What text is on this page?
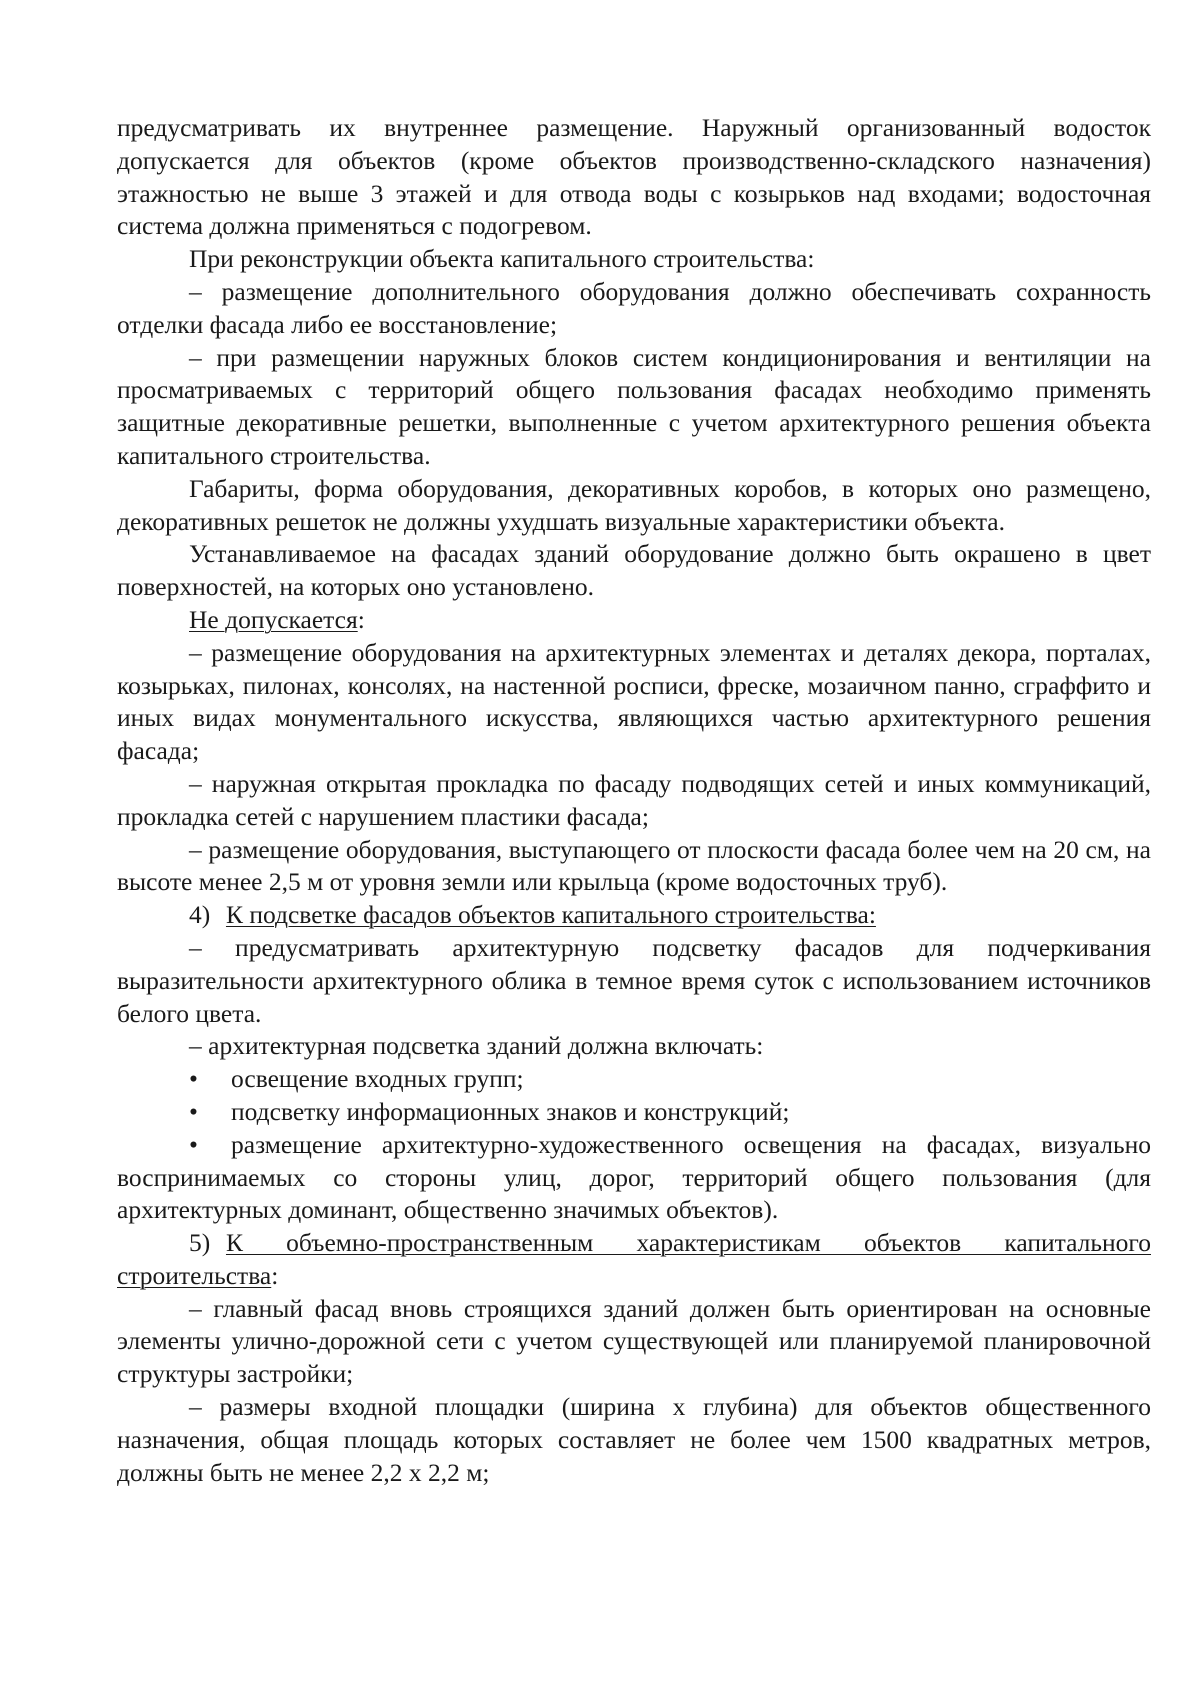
предусматривать их внутреннее размещение. Наружный организованный водосток допускается для объектов (кроме объектов производственно-складского назначения) этажностью не выше 3 этажей и для отвода воды с козырьков над входами; водосточная система должна применяться с подогревом.

При реконструкции объекта капитального строительства:

– размещение дополнительного оборудования должно обеспечивать сохранность отделки фасада либо ее восстановление;

– при размещении наружных блоков систем кондиционирования и вентиляции на просматриваемых с территорий общего пользования фасадах необходимо применять защитные декоративные решетки, выполненные с учетом архитектурного решения объекта капитального строительства.

Габариты, форма оборудования, декоративных коробов, в которых оно размещено, декоративных решеток не должны ухудшать визуальные характеристики объекта.

Устанавливаемое на фасадах зданий оборудование должно быть окрашено в цвет поверхностей, на которых оно установлено.

Не допускается:

– размещение оборудования на архитектурных элементах и деталях декора, порталах, козырьках, пилонах, консолях, на настенной росписи, фреске, мозаичном панно, сграффито и иных видах монументального искусства, являющихся частью архитектурного решения фасада;

– наружная открытая прокладка по фасаду подводящих сетей и иных коммуникаций, прокладка сетей с нарушением пластики фасада;

– размещение оборудования, выступающего от плоскости фасада более чем на 20 см, на высоте менее 2,5 м от уровня земли или крыльца (кроме водосточных труб).

4) К подсветке фасадов объектов капитального строительства:

– предусматривать архитектурную подсветку фасадов для подчеркивания выразительности архитектурного облика в темное время суток с использованием источников белого цвета.

– архитектурная подсветка зданий должна включать:

• освещение входных групп;

• подсветку информационных знаков и конструкций;

• размещение архитектурно-художественного освещения на фасадах, визуально воспринимаемых со стороны улиц, дорог, территорий общего пользования (для архитектурных доминант, общественно значимых объектов).

5) К объемно-пространственным характеристикам объектов капитального строительства:

– главный фасад вновь строящихся зданий должен быть ориентирован на основные элементы улично-дорожной сети с учетом существующей или планируемой планировочной структуры застройки;

– размеры входной площадки (ширина х глубина) для объектов общественного назначения, общая площадь которых составляет не более чем 1500 квадратных метров, должны быть не менее 2,2 х 2,2 м;
